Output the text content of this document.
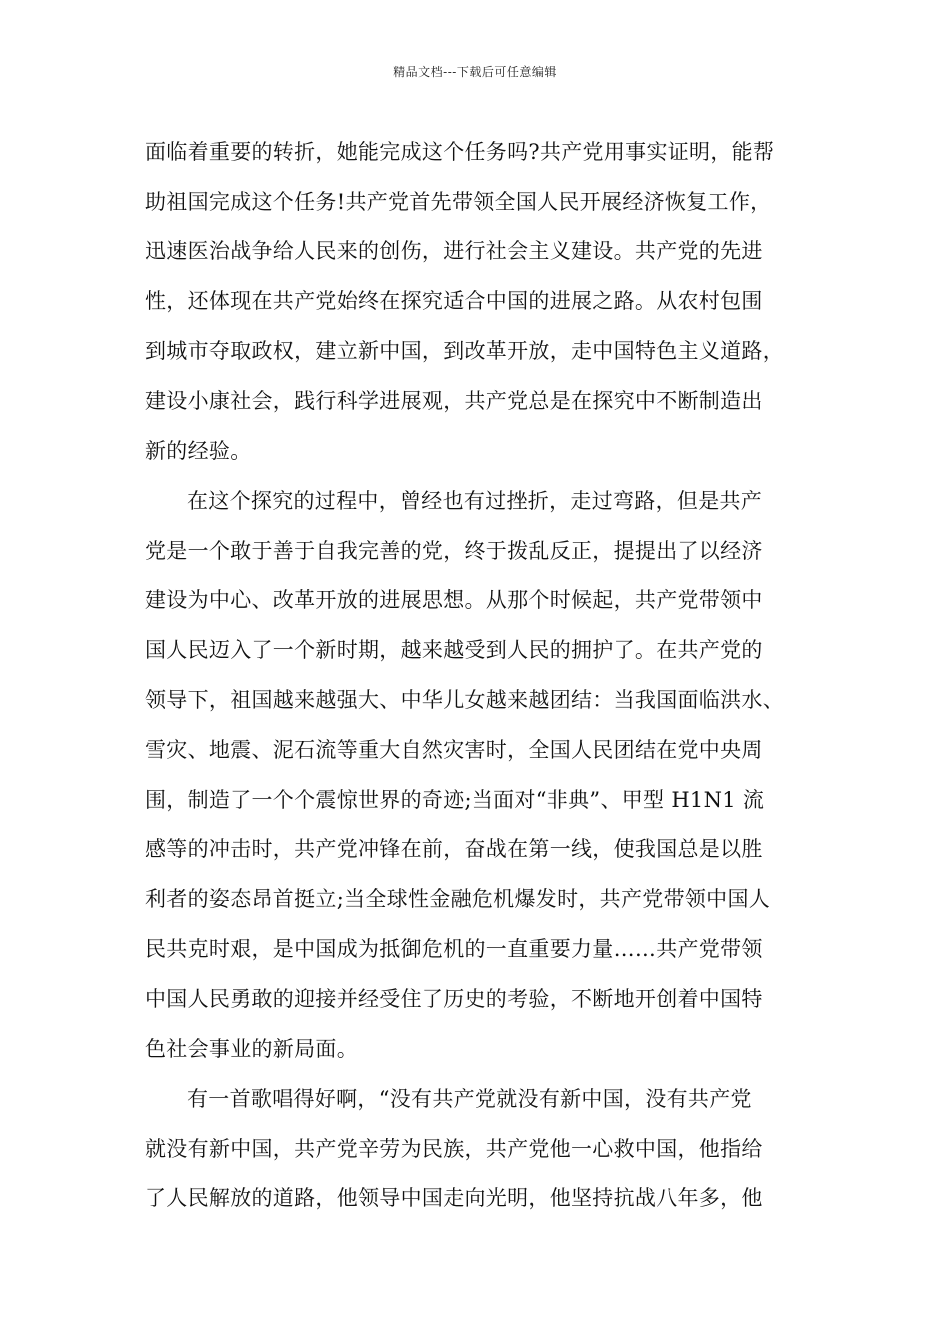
精品文档---下载后可任意编辑
面临着重要的转折，她能完成这个任务吗?共产党用事实证明，能帮
助祖国完成这个任务!共产党首先带领全国人民开展经济恢复工作，
迅速医治战争给人民来的创伤，进行社会主义建设。共产党的先进
性，还体现在共产党始终在探究适合中国的进展之路。从农村包围
到城市夺取政权，建立新中国，到改革开放，走中国特色主义道路，
建设小康社会，践行科学进展观，共产党总是在探究中不断制造出
新的经验。
在这个探究的过程中，曾经也有过挫折，走过弯路，但是共产
党是一个敢于善于自我完善的党，终于拨乱反正，提提出了以经济
建设为中心、改革开放的进展思想。从那个时候起，共产党带领中
国人民迈入了一个新时期，越来越受到人民的拥护了。在共产党的
领导下，祖国越来越强大、中华儿女越来越团结：当我国面临洪水、
雪灾、地震、泥石流等重大自然灾害时，全国人民团结在党中央周
围，制造了一个个震惊世界的奇迹;当面对“非典”、甲型 H1N1 流
感等的冲击时，共产党冲锋在前，奋战在第一线，使我国总是以胜
利者的姿态昂首挺立;当全球性金融危机爆发时，共产党带领中国人
民共克时艰，是中国成为抵御危机的一直重要力量……共产党带领
中国人民勇敢的迎接并经受住了历史的考验，不断地开创着中国特
色社会事业的新局面。
有一首歌唱得好啊，“没有共产党就没有新中国，没有共产党
就没有新中国，共产党辛劳为民族，共产党他一心救中国，他指给
了人民解放的道路，他领导中国走向光明，他坚持抗战八年多，他
